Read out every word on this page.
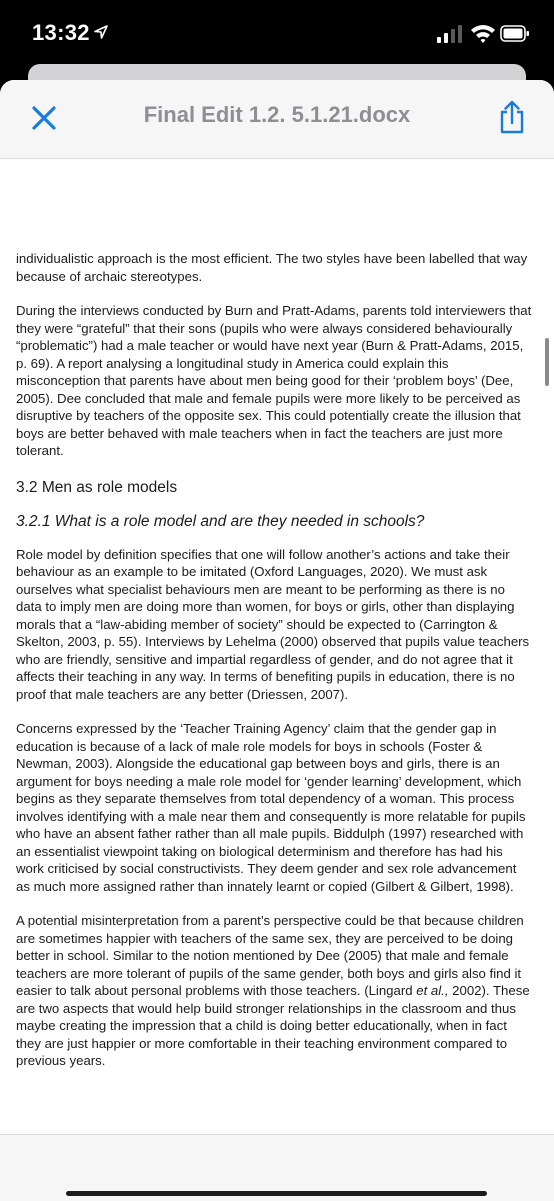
13:32
Final Edit 1.2. 5.1.21.docx

individualistic approach is the most efficient. The two styles have been labelled that way because of archaic stereotypes.

During the interviews conducted by Burn and Pratt-Adams, parents told interviewers that they were “grateful” that their sons (pupils who were always considered behaviourally “problematic”) had a male teacher or would have next year (Burn & Pratt-Adams, 2015, p. 69). A report analysing a longitudinal study in America could explain this misconception that parents have about men being good for their ‘problem boys’ (Dee, 2005). Dee concluded that male and female pupils were more likely to be perceived as disruptive by teachers of the opposite sex. This could potentially create the illusion that boys are better behaved with male teachers when in fact the teachers are just more tolerant.

3.2 Men as role models
3.2.1 What is a role model and are they needed in schools?

Role model by definition specifies that one will follow another’s actions and take their behaviour as an example to be imitated (Oxford Languages, 2020). We must ask ourselves what specialist behaviours men are meant to be performing as there is no data to imply men are doing more than women, for boys or girls, other than displaying morals that a “law-abiding member of society” should be expected to (Carrington & Skelton, 2003, p. 55). Interviews by Lehelma (2000) observed that pupils value teachers who are friendly, sensitive and impartial regardless of gender, and do not agree that it affects their teaching in any way. In terms of benefiting pupils in education, there is no proof that male teachers are any better (Driessen, 2007).

Concerns expressed by the ‘Teacher Training Agency’ claim that the gender gap in education is because of a lack of male role models for boys in schools (Foster & Newman, 2003). Alongside the educational gap between boys and girls, there is an argument for boys needing a male role model for ‘gender learning’ development, which begins as they separate themselves from total dependency of a woman. This process involves identifying with a male near them and consequently is more relatable for pupils who have an absent father rather than all male pupils. Biddulph (1997) researched with an essentialist viewpoint taking on biological determinism and therefore has had his work criticised by social constructivists. They deem gender and sex role advancement as much more assigned rather than innately learnt or copied (Gilbert & Gilbert, 1998).

A potential misinterpretation from a parent’s perspective could be that because children are sometimes happier with teachers of the same sex, they are perceived to be doing better in school. Similar to the notion mentioned by Dee (2005) that male and female teachers are more tolerant of pupils of the same gender, both boys and girls also find it easier to talk about personal problems with those teachers. (Lingard et al., 2002). These are two aspects that would help build stronger relationships in the classroom and thus maybe creating the impression that a child is doing better educationally, when in fact they are just happier or more comfortable in their teaching environment compared to previous years.
